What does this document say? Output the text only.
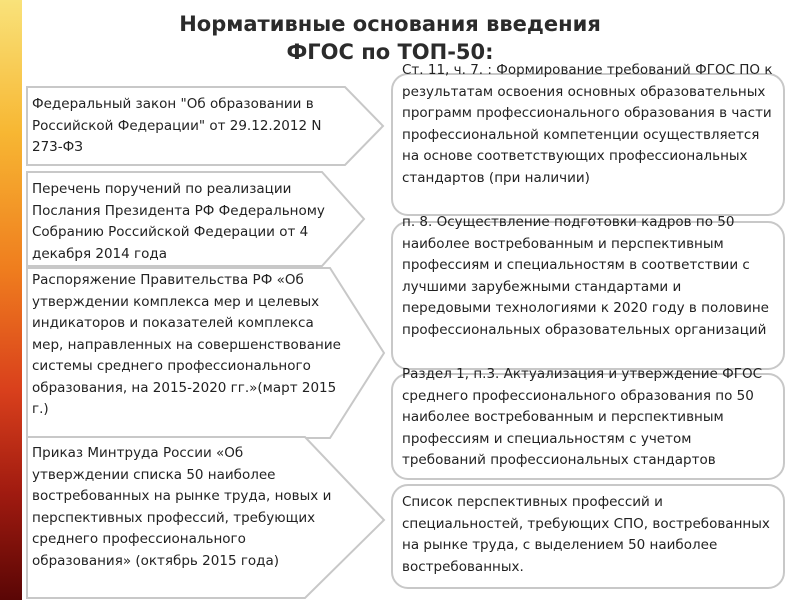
Нормативные основания введения
ФГОС по ТОП-50:

Федеральный закон "Об образовании в Российской Федерации" от 29.12.2012 N 273-ФЗ

Перечень поручений по реализации Послания Президента РФ Федеральному Собранию Российской Федерации от 4 декабря 2014 года

Распоряжение Правительства РФ «Об утверждении комплекса мер и целевых индикаторов и показателей комплекса мер, направленных на совершенствование системы среднего профессионального образования, на 2015-2020 гг.»(март 2015 г.)

Приказ Минтруда России «Об утверждении списка 50 наиболее востребованных на рынке труда, новых и перспективных профессий, требующих среднего профессионального образования» (октябрь 2015 года)

Ст. 11, ч. 7. : Формирование требований ФГОС ПО к результатам освоения основных образовательных программ профессионального образования в части профессиональной компетенции осуществляется на основе соответствующих профессиональных стандартов (при наличии)

п. 8. Осуществление подготовки кадров по 50 наиболее востребованным и перспективным профессиям и специальностям в соответствии с лучшими зарубежными стандартами и передовыми технологиями к 2020 году в половине профессиональных образовательных организаций

Раздел 1, п.3. Актуализация и утверждение ФГОС среднего профессионального образования по 50 наиболее востребованным и перспективным профессиям и специальностям с учетом требований профессиональных стандартов

Список перспективных профессий и специальностей, требующих СПО, востребованных на рынке труда, с выделением 50 наиболее востребованных.
